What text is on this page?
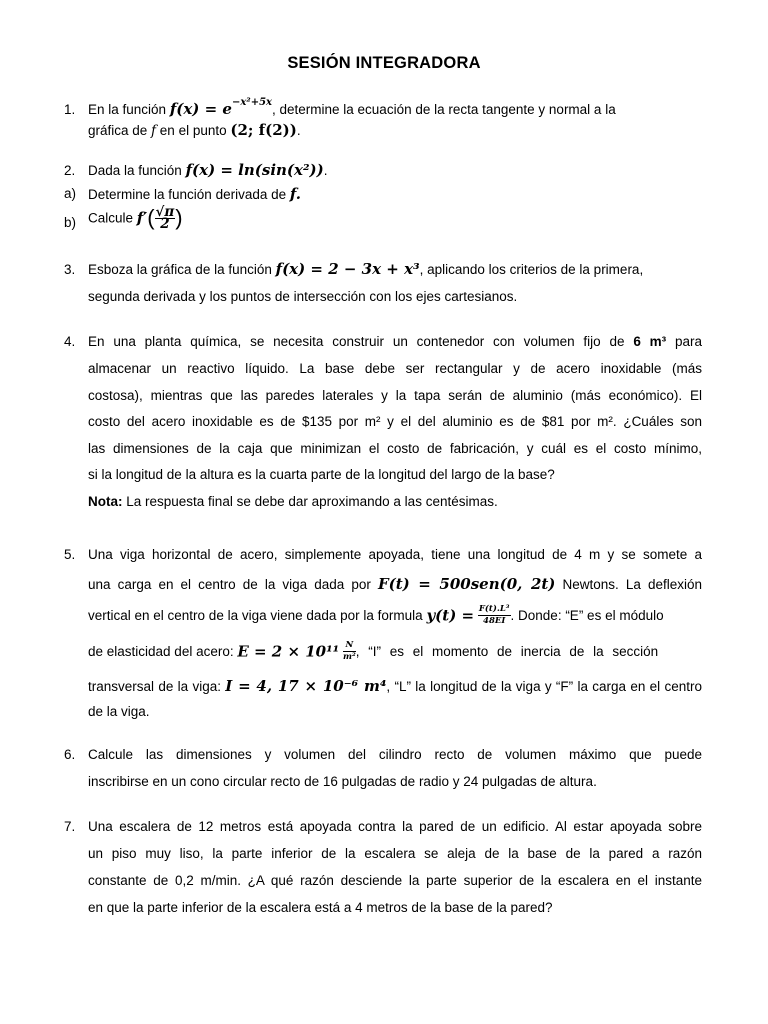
SESIÓN INTEGRADORA
1. En la función $f(x) = e^{-x^2+5x}$, determine la ecuación de la recta tangente y normal a la
gráfica de f en el punto (2; f(2)).
2. Dada la función f(x) = ln(sin(x²)).
a) Determine la función derivada de f.
b) Calcule $f'( \frac{√\pi}{2}$ )
3. Esboza la gráfica de la función f(x) = 2 − 3x + x³, aplicando los criterios de la primera,
segunda derivada y los puntos de intersección con los ejes cartesianos.
4. En una planta química, se necesita construir un contenedor con volumen fijo de 6 m³ para
almacenar un reactivo líquido. La base debe ser rectangular y de acero inoxidable (más
costosa), mientras que las paredes laterales y la tapa serán de aluminio (más económico). El
costo del acero inoxidable es de $135 por m² y el del aluminio es de $81 por m². ¿Cuáles son
las dimensiones de la caja que minimizan el costo de fabricación, y cuál es el costo mínimo,
si la longitud de la altura es la cuarta parte de la longitud del largo de la base?
Nota: La respuesta final se debe dar aproximando a las centésimas.
5. Una viga horizontal de acero, simplemente apoyada, tiene una longitud de 4 m y se somete a
una carga en el centro de la viga dada por F(t) = 500sen(0, 2t) Newtons. La deflexión
vertical en el centro de la viga viene dada por la formula $y(t) = \frac{\text{F(t).L³}}{48EI}$ . Donde: “E” es el módulo
de elasticidad del acero: $E = 2 \times 10^{11} \frac{N}{\text{m²}}$ , “I” es el momento de inercia de la sección
transversal de la viga: I = 4, 17 × 10⁻⁶ m⁴, “L” la longitud de la viga y “F” la carga en el centro
de la viga.
6. Calcule las dimensiones y volumen del cilindro recto de volumen máximo que puede
inscribirse en un cono circular recto de 16 pulgadas de radio y 24 pulgadas de altura.
7. Una escalera de 12 metros está apoyada contra la pared de un edificio. Al estar apoyada sobre
un piso muy liso, la parte inferior de la escalera se aleja de la base de la pared a razón
constante de 0,2 m/min. ¿A qué razón desciende la parte superior de la escalera en el instante
en que la parte inferior de la escalera está a 4 metros de la base de la pared?
